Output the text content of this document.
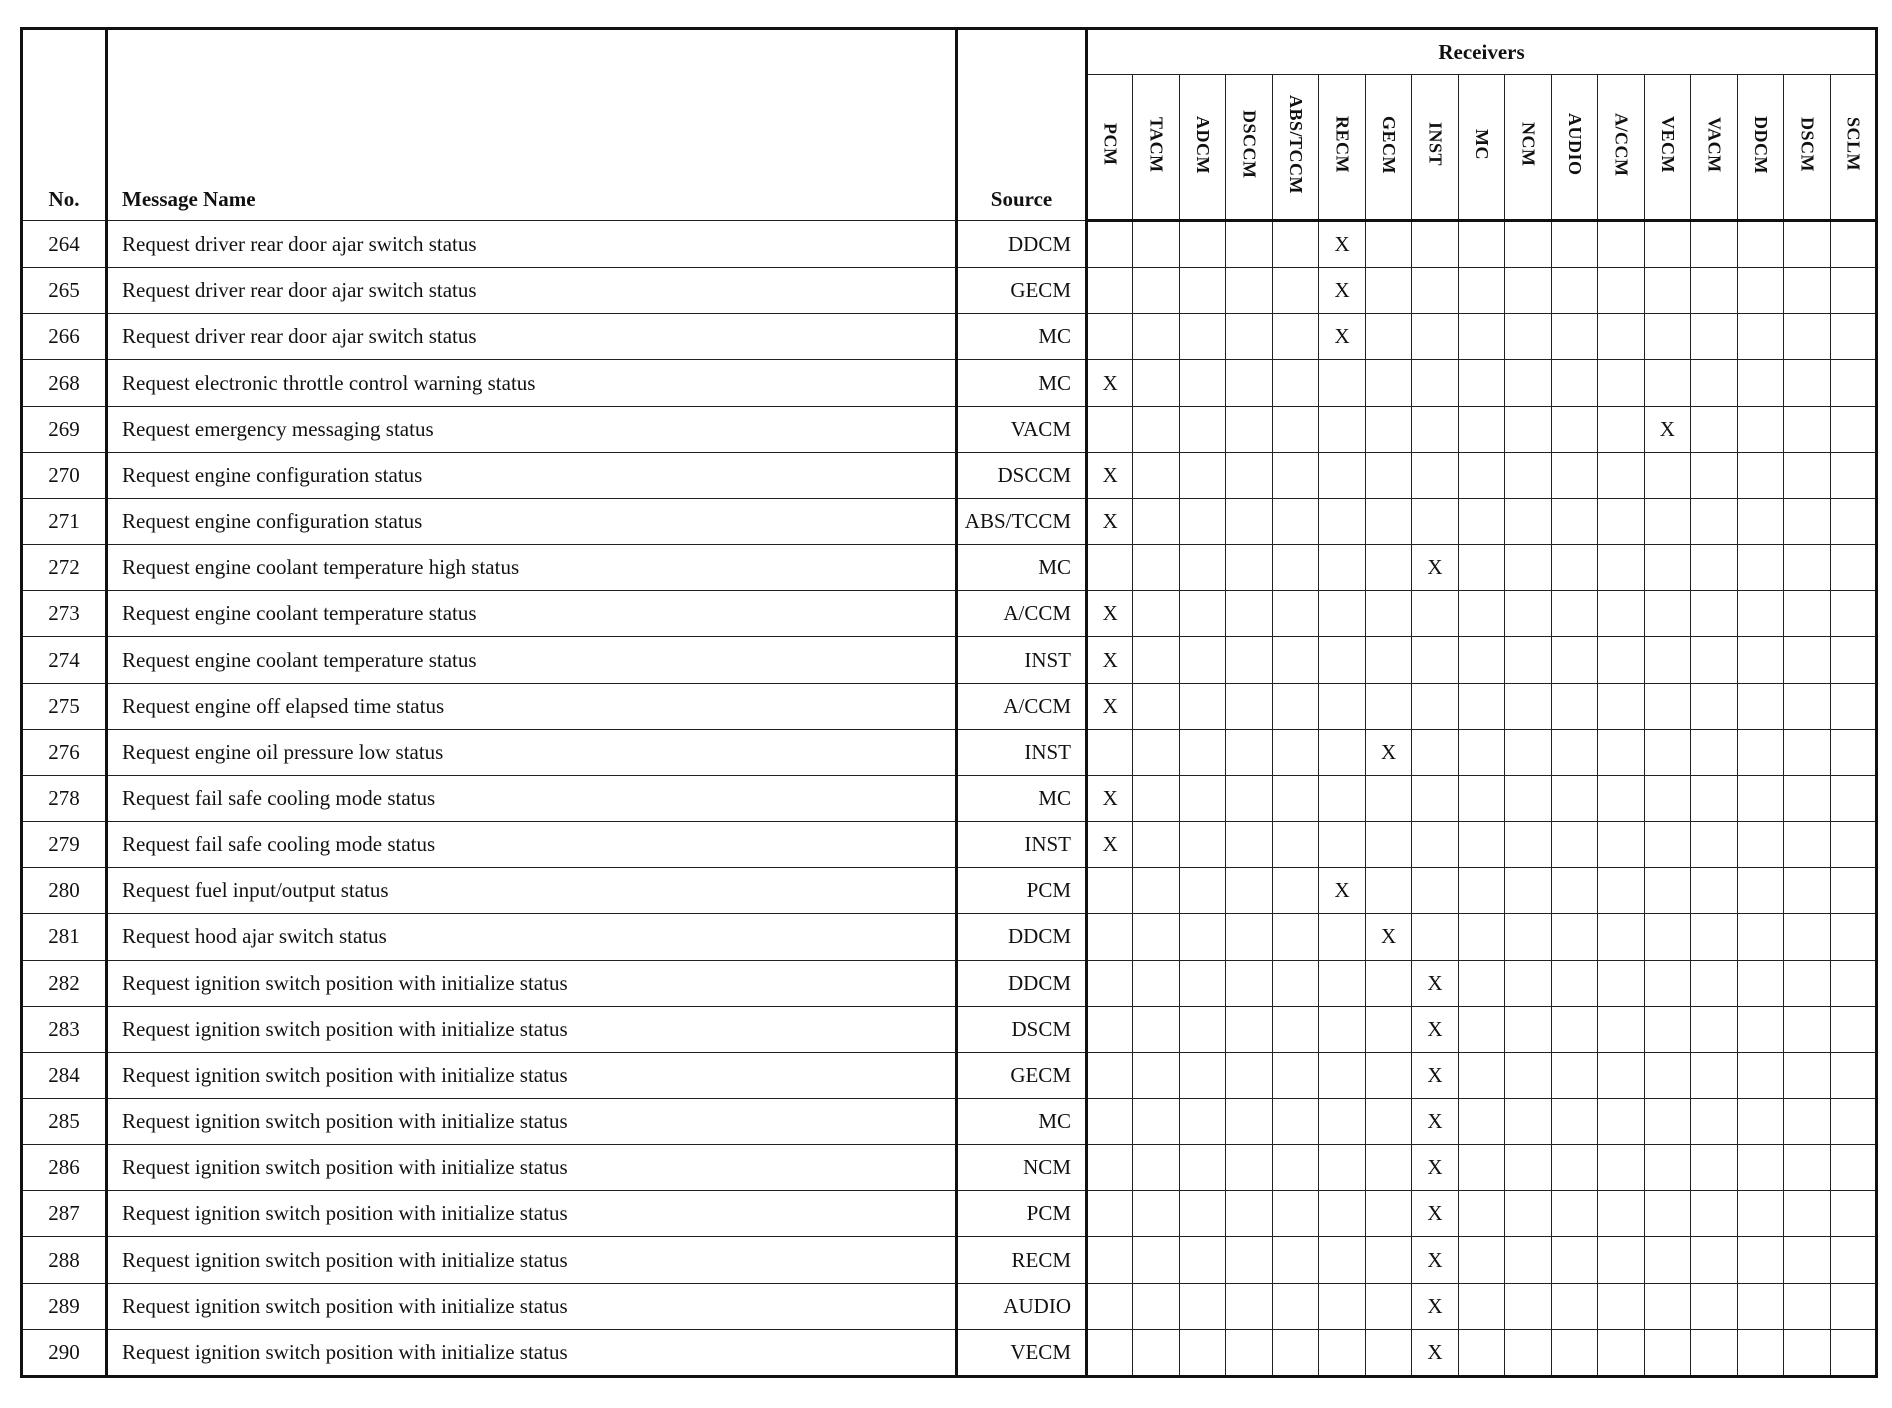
No.	Message Name	Source	Receivers																
			PCM	TACM	ADCM	DSCCM	ABS/TCCM	RECM	GECM	INST	MC	NCM	AUDIO	A/CCM	VECM	VACM	DDCM	DSCM	SCLM
264	Request driver rear door ajar switch status	DDCM						X											
265	Request driver rear door ajar switch status	GECM						X											
266	Request driver rear door ajar switch status	MC						X											
268	Request electronic throttle control warning status	MC	X																
269	Request emergency messaging status	VACM													X				
270	Request engine configuration status	DSCCM	X																
271	Request engine configuration status	ABS/TCCM	X																
272	Request engine coolant temperature high status	MC								X									
273	Request engine coolant temperature status	A/CCM	X																
274	Request engine coolant temperature status	INST	X																
275	Request engine off elapsed time status	A/CCM	X																
276	Request engine oil pressure low status	INST							X										
278	Request fail safe cooling mode status	MC	X																
279	Request fail safe cooling mode status	INST	X																
280	Request fuel input/output status	PCM						X											
281	Request hood ajar switch status	DDCM							X										
282	Request ignition switch position with initialize status	DDCM								X									
283	Request ignition switch position with initialize status	DSCM								X									
284	Request ignition switch position with initialize status	GECM								X									
285	Request ignition switch position with initialize status	MC								X									
286	Request ignition switch position with initialize status	NCM								X									
287	Request ignition switch position with initialize status	PCM								X									
288	Request ignition switch position with initialize status	RECM								X									
289	Request ignition switch position with initialize status	AUDIO								X									
290	Request ignition switch position with initialize status	VECM								X									
